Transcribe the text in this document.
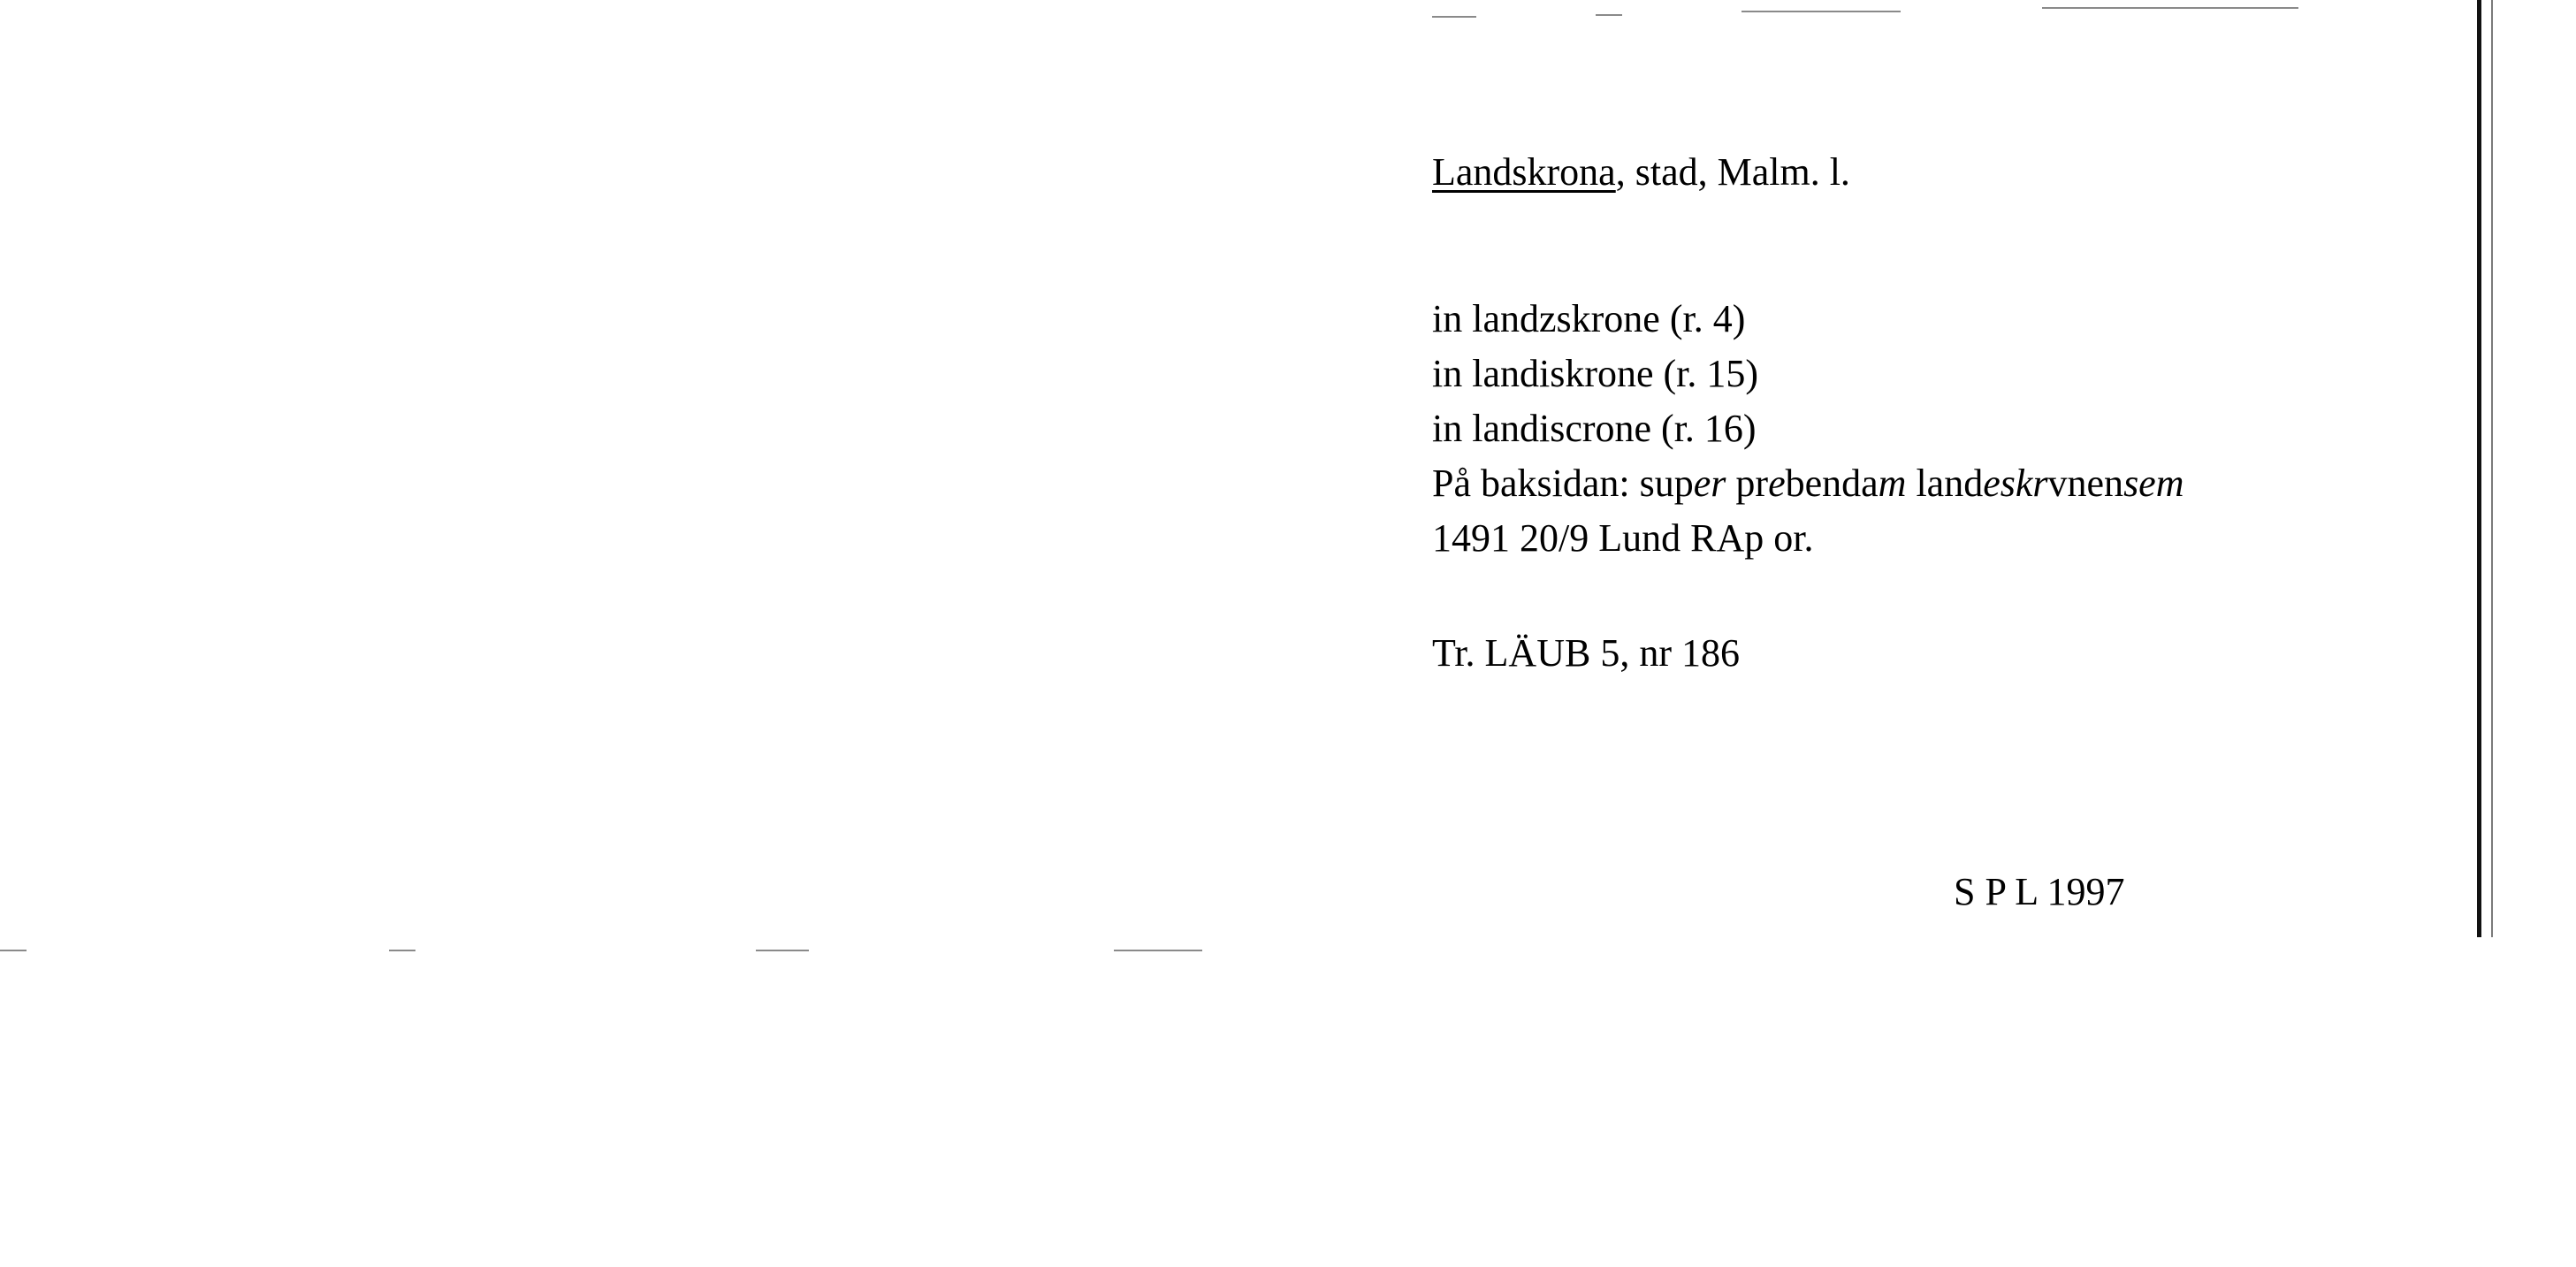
Landskrona, stad, Malm. l.
in landzskrone (r. 4)
in landiskrone (r. 15)
in landiscrone (r. 16)
På baksidan: super prebendam landeskrvnensem
1491 20/9 Lund RAp or.
Tr. LÄUB 5, nr 186
S P L 1997
